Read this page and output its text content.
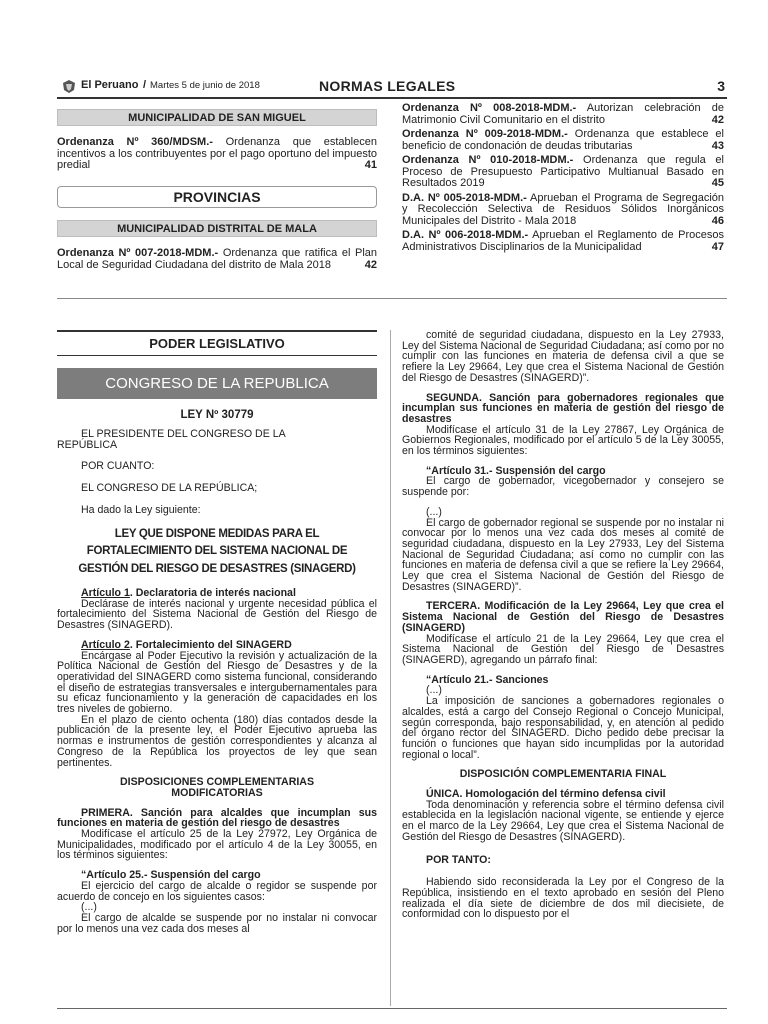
El Peruano / Martes 5 de junio de 2018	NORMAS LEGALES	3
MUNICIPALIDAD DE SAN MIGUEL
Ordenanza Nº 360/MDSM.- Ordenanza que establecen incentivos a los contribuyentes por el pago oportuno del impuesto predial	41
PROVINCIAS
MUNICIPALIDAD DISTRITAL DE MALA
Ordenanza Nº 007-2018-MDM.- Ordenanza que ratifica el Plan Local de Seguridad Ciudadana del distrito de Mala 2018	42
Ordenanza Nº 008-2018-MDM.- Autorizan celebración de Matrimonio Civil Comunitario en el distrito	42
Ordenanza Nº 009-2018-MDM.- Ordenanza que establece el beneficio de condonación de deudas tributarias	43
Ordenanza Nº 010-2018-MDM.- Ordenanza que regula el Proceso de Presupuesto Participativo Multianual Basado en Resultados 2019	45
D.A. Nº 005-2018-MDM.- Aprueban el Programa de Segregación y Recolección Selectiva de Residuos Sólidos Inorgánicos Municipales del Distrito - Mala 2018	46
D.A. Nº 006-2018-MDM.- Aprueban el Reglamento de Procesos Administrativos Disciplinarios de la Municipalidad	47
PODER LEGISLATIVO
CONGRESO DE LA REPUBLICA

LEY Nº 30779

EL PRESIDENTE DEL CONGRESO DE LA REPÚBLICA

POR CUANTO:

EL CONGRESO DE LA REPÚBLICA;

Ha dado la Ley siguiente:

LEY QUE DISPONE MEDIDAS PARA EL FORTALECIMIENTO DEL SISTEMA NACIONAL DE GESTIÓN DEL RIESGO DE DESASTRES (SINAGERD)

Artículo 1. Declaratoria de interés nacional

Declárase de interés nacional y urgente necesidad pública el fortalecimiento del Sistema Nacional de Gestión del Riesgo de Desastres (SINAGERD).

Artículo 2. Fortalecimiento del SINAGERD

Encárgase al Poder Ejecutivo la revisión y actualización de la Política Nacional de Gestión del Riesgo de Desastres y de la operatividad del SINAGERD como sistema funcional, considerando el diseño de estrategias transversales e intergubernamentales para su eficaz funcionamiento y la generación de capacidades en los tres niveles de gobierno.

En el plazo de ciento ochenta (180) días contados desde la publicación de la presente ley, el Poder Ejecutivo aprueba las normas e instrumentos de gestión correspondientes y alcanza al Congreso de la República los proyectos de ley que sean pertinentes.

DISPOSICIONES COMPLEMENTARIAS MODIFICATORIAS

PRIMERA. Sanción para alcaldes que incumplan sus funciones en materia de gestión del riesgo de desastres

Modifícase el artículo 25 de la Ley 27972, Ley Orgánica de Municipalidades, modificado por el artículo 4 de la Ley 30055, en los términos siguientes:

“Artículo 25.- Suspensión del cargo

El ejercicio del cargo de alcalde o regidor se suspende por acuerdo de concejo en los siguientes casos:

(...)

El cargo de alcalde se suspende por no instalar ni convocar por lo menos una vez cada dos meses al

comité de seguridad ciudadana, dispuesto en la Ley 27933, Ley del Sistema Nacional de Seguridad Ciudadana; así como por no cumplir con las funciones en materia de defensa civil a que se refiere la Ley 29664, Ley que crea el Sistema Nacional de Gestión del Riesgo de Desastres (SINAGERD)”.

SEGUNDA. Sanción para gobernadores regionales que incumplan sus funciones en materia de gestión del riesgo de desastres

Modifícase el artículo 31 de la Ley 27867, Ley Orgánica de Gobiernos Regionales, modificado por el artículo 5 de la Ley 30055, en los términos siguientes:

“Artículo 31.- Suspensión del cargo

El cargo de gobernador, vicegobernador y consejero se suspende por:

(...)

El cargo de gobernador regional se suspende por no instalar ni convocar por lo menos una vez cada dos meses al comité de seguridad ciudadana, dispuesto en la Ley 27933, Ley del Sistema Nacional de Seguridad Ciudadana; así como no cumplir con las funciones en materia de defensa civil a que se refiere la Ley 29664, Ley que crea el Sistema Nacional de Gestión del Riesgo de Desastres (SINAGERD)”.

TERCERA. Modificación de la Ley 29664, Ley que crea el Sistema Nacional de Gestión del Riesgo de Desastres (SINAGERD)

Modifícase el artículo 21 de la Ley 29664, Ley que crea el Sistema Nacional de Gestión del Riesgo de Desastres (SINAGERD), agregando un párrafo final:

“Artículo 21.- Sanciones

(...)

La imposición de sanciones a gobernadores regionales o alcaldes, está a cargo del Consejo Regional o Concejo Municipal, según corresponda, bajo responsabilidad, y, en atención al pedido del órgano rector del SINAGERD. Dicho pedido debe precisar la función o funciones que hayan sido incumplidas por la autoridad regional o local”.

DISPOSICIÓN COMPLEMENTARIA FINAL

ÚNICA. Homologación del término defensa civil

Toda denominación y referencia sobre el término defensa civil establecida en la legislación nacional vigente, se entiende y ejerce en el marco de la Ley 29664, Ley que crea el Sistema Nacional de Gestión del Riesgo de Desastres (SINAGERD).

POR TANTO:

Habiendo sido reconsiderada la Ley por el Congreso de la República, insistiendo en el texto aprobado en sesión del Pleno realizada el día siete de diciembre de dos mil diecisiete, de conformidad con lo dispuesto por el
